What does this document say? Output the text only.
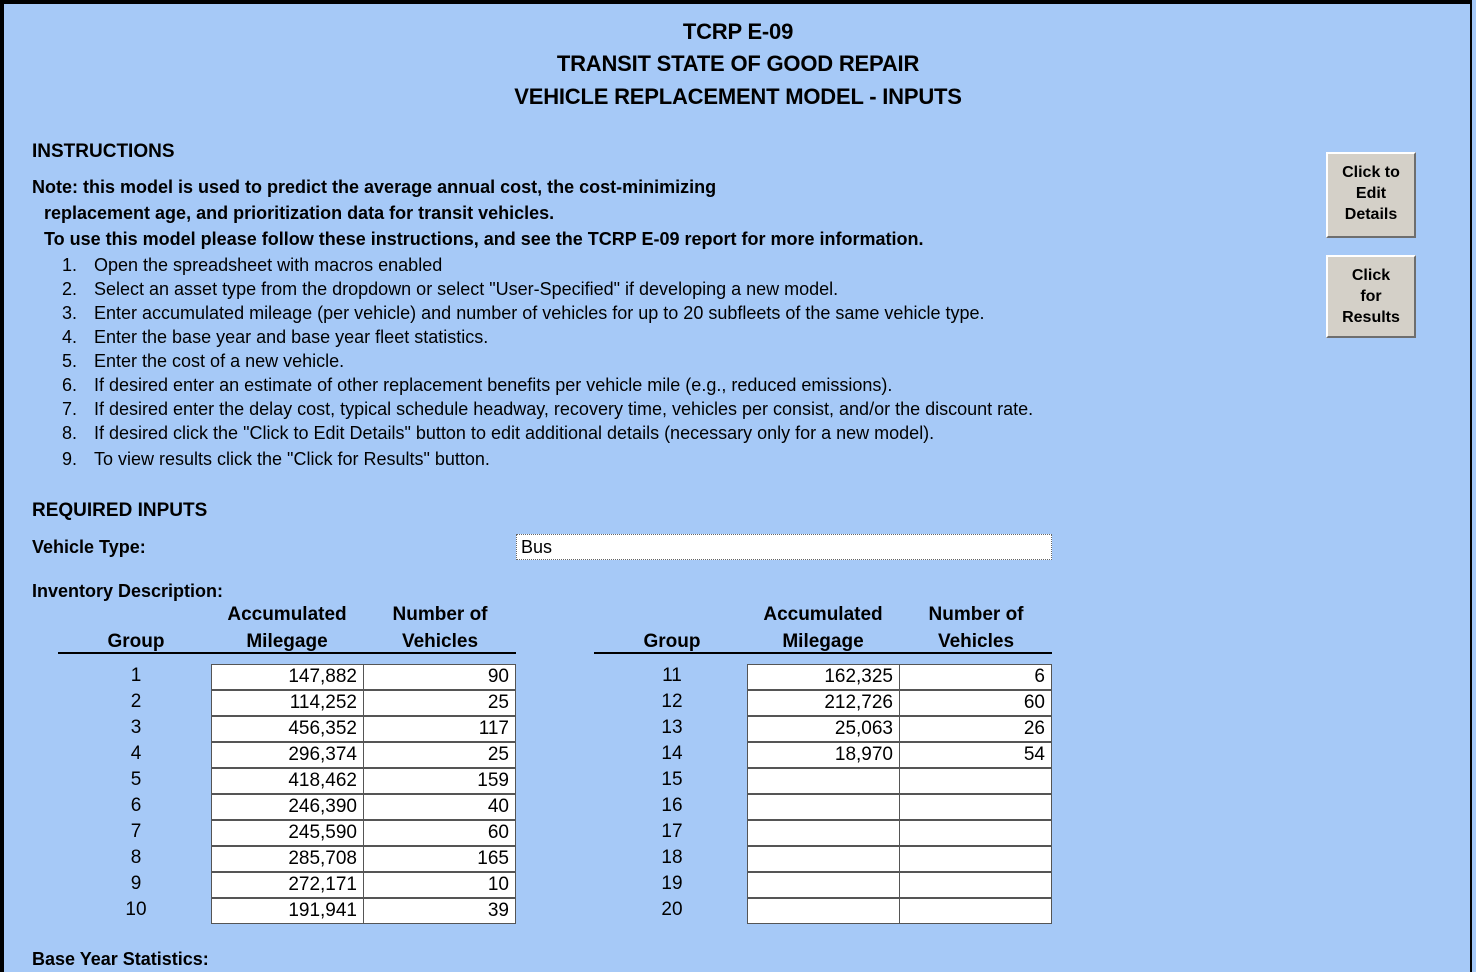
TCRP E-09
TRANSIT STATE OF GOOD REPAIR
VEHICLE REPLACEMENT MODEL - INPUTS
INSTRUCTIONS
Note: this model is used to predict the average annual cost, the cost-minimizing
replacement age, and prioritization data for transit vehicles.
To use this model please follow these instructions, and see the TCRP E-09 report for more information.
1. Open the spreadsheet with macros enabled
2. Select an asset type from the dropdown or select "User-Specified" if developing a new model.
3. Enter accumulated mileage (per vehicle) and number of vehicles for up to 20 subfleets of the same vehicle type.
4. Enter the base year and base year fleet statistics.
5. Enter the cost of a new vehicle.
6. If desired enter an estimate of other replacement benefits per vehicle mile (e.g., reduced emissions).
7. If desired enter the delay cost, typical schedule headway, recovery time, vehicles per consist, and/or the discount rate.
8. If desired click the "Click to Edit Details" button to edit additional details (necessary only for a new model).
9. To view results click the "Click for Results" button.
Click to
Edit
Details
Click
for
Results
REQUIRED INPUTS
Vehicle Type:	Bus
Inventory Description:
Group
Accumulated
Milegage
Number of
Vehicles	Group
Accumulated
Milegage
Number of
Vehicles
1	147,882	90
2	114,252	25
3	456,352	117
4	296,374	25
5	418,462	159
6	246,390	40
7	245,590	60
8	285,708	165
9	272,171	10
10	191,941	39
11	162,325	6
12	212,726	60
13	25,063	26
14	18,970	54
15
16
17
18
19
20
Base Year Statistics:
